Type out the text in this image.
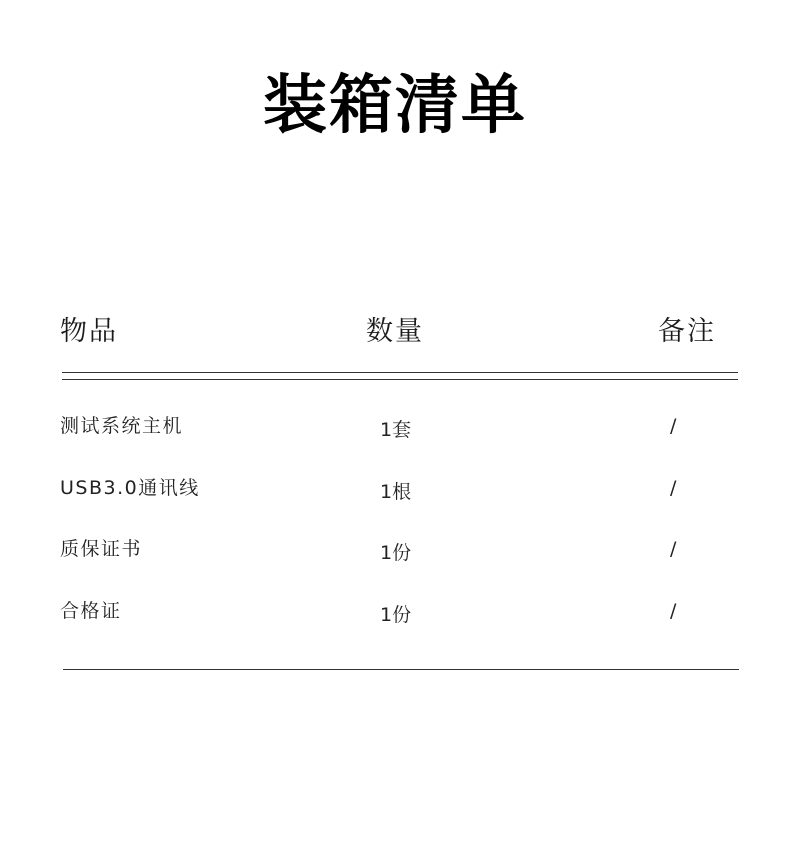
装箱清单
物品	数量	备注
测试系统主机	1套	/
USB3.0通讯线	1根	/
质保证书	1份	/
合格证	1份	/
